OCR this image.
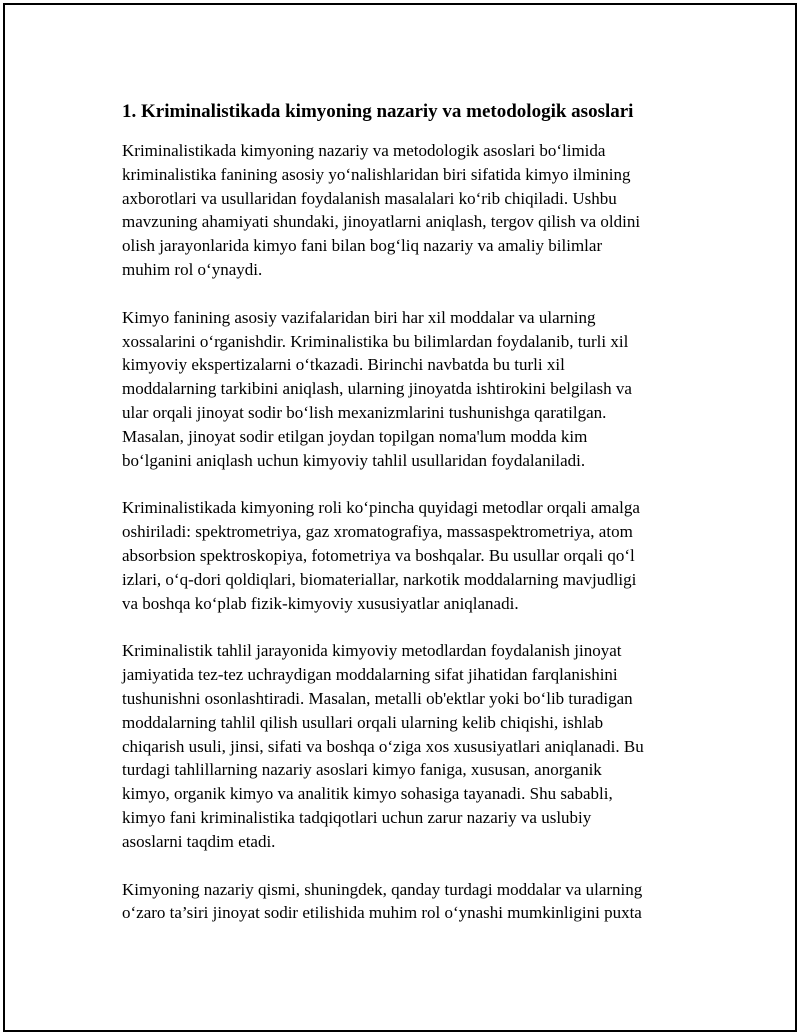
1. Kriminalistikada kimyoning nazariy va metodologik asoslari
Kriminalistikada kimyoning nazariy va metodologik asoslari bo‘limida
kriminalistika fanining asosiy yo‘nalishlaridan biri sifatida kimyo ilmining
axborotlari va usullaridan foydalanish masalalari ko‘rib chiqiladi. Ushbu
mavzuning ahamiyati shundaki, jinoyatlarni aniqlash, tergov qilish va oldini
olish jarayonlarida kimyo fani bilan bog‘liq nazariy va amaliy bilimlar
muhim rol o‘ynaydi.
Kimyo fanining asosiy vazifalaridan biri har xil moddalar va ularning
xossalarini o‘rganishdir. Kriminalistika bu bilimlardan foydalanib, turli xil
kimyoviy ekspertizalarni o‘tkazadi. Birinchi navbatda bu turli xil
moddalarning tarkibini aniqlash, ularning jinoyatda ishtirokini belgilash va
ular orqali jinoyat sodir bo‘lish mexanizmlarini tushunishga qaratilgan.
Masalan, jinoyat sodir etilgan joydan topilgan noma'lum modda kim
bo‘lganini aniqlash uchun kimyoviy tahlil usullaridan foydalaniladi.
Kriminalistikada kimyoning roli ko‘pincha quyidagi metodlar orqali amalga
oshiriladi: spektrometriya, gaz xromatografiya, massaspektrometriya, atom
absorbsion spektroskopiya, fotometriya va boshqalar. Bu usullar orqali qo‘l
izlari, o‘q-dori qoldiqlari, biomateriallar, narkotik moddalarning mavjudligi
va boshqa ko‘plab fizik-kimyoviy xususiyatlar aniqlanadi.
Kriminalistik tahlil jarayonida kimyoviy metodlardan foydalanish jinoyat
jamiyatida tez-tez uchraydigan moddalarning sifat jihatidan farqlanishini
tushunishni osonlashtiradi. Masalan, metalli ob'ektlar yoki bo‘lib turadigan
moddalarning tahlil qilish usullari orqali ularning kelib chiqishi, ishlab
chiqarish usuli, jinsi, sifati va boshqa o‘ziga xos xususiyatlari aniqlanadi. Bu
turdagi tahlillarning nazariy asoslari kimyo faniga, xususan, anorganik
kimyo, organik kimyo va analitik kimyo sohasiga tayanadi. Shu sababli,
kimyo fani kriminalistika tadqiqotlari uchun zarur nazariy va uslubiy
asoslarni taqdim etadi.
Kimyoning nazariy qismi, shuningdek, qanday turdagi moddalar va ularning
o‘zaro ta’siri jinoyat sodir etilishida muhim rol o‘ynashi mumkinligini puxta
